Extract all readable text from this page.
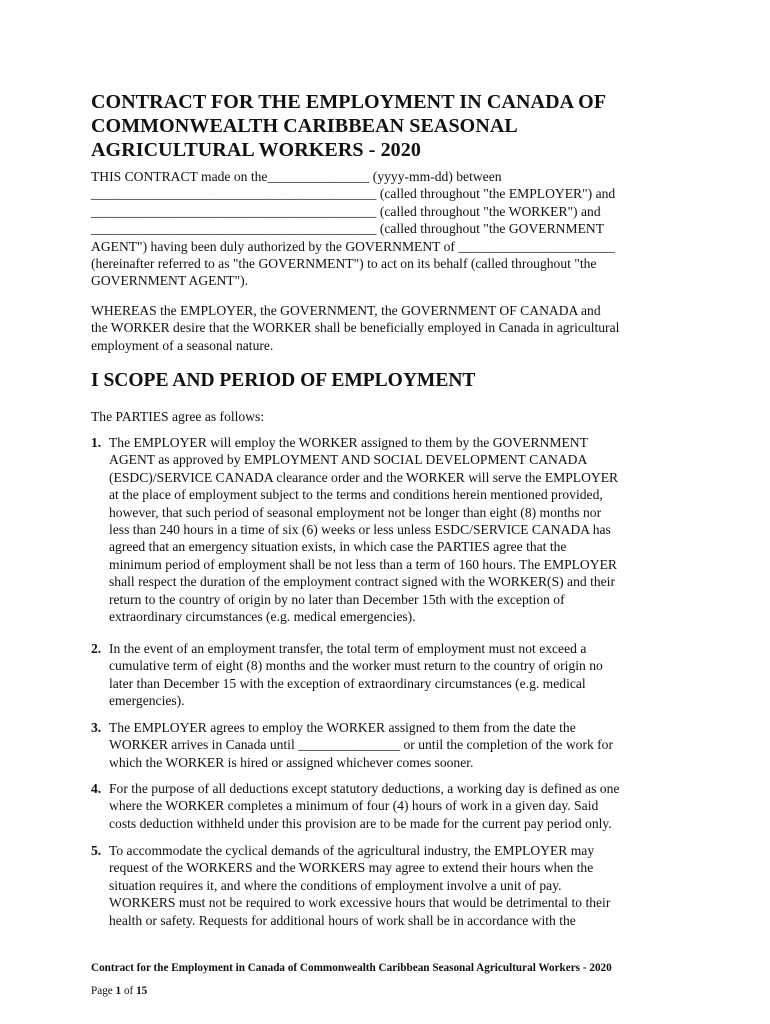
CONTRACT FOR THE EMPLOYMENT IN CANADA OF
COMMONWEALTH CARIBBEAN SEASONAL
AGRICULTURAL WORKERS - 2020
THIS CONTRACT made on the_______________ (yyyy-mm-dd) between
__________________________________________ (called throughout "the EMPLOYER") and
__________________________________________ (called throughout "the WORKER") and
__________________________________________ (called throughout "the GOVERNMENT
AGENT") having been duly authorized by the GOVERNMENT of _______________________
(hereinafter referred to as "the GOVERNMENT") to act on its behalf (called throughout "the
GOVERNMENT AGENT").
WHEREAS the EMPLOYER, the GOVERNMENT, the GOVERNMENT OF CANADA and
the WORKER desire that the WORKER shall be beneficially employed in Canada in agricultural
employment of a seasonal nature.
I SCOPE AND PERIOD OF EMPLOYMENT
The PARTIES agree as follows:
1. The EMPLOYER will employ the WORKER assigned to them by the GOVERNMENT
AGENT as approved by EMPLOYMENT AND SOCIAL DEVELOPMENT CANADA
(ESDC)/SERVICE CANADA clearance order and the WORKER will serve the EMPLOYER
at the place of employment subject to the terms and conditions herein mentioned provided,
however, that such period of seasonal employment not be longer than eight (8) months nor
less than 240 hours in a time of six (6) weeks or less unless ESDC/SERVICE CANADA has
agreed that an emergency situation exists, in which case the PARTIES agree that the
minimum period of employment shall be not less than a term of 160 hours. The EMPLOYER
shall respect the duration of the employment contract signed with the WORKER(S) and their
return to the country of origin by no later than December 15th with the exception of
extraordinary circumstances (e.g. medical emergencies).
2. In the event of an employment transfer, the total term of employment must not exceed a
cumulative term of eight (8) months and the worker must return to the country of origin no
later than December 15 with the exception of extraordinary circumstances (e.g. medical
emergencies).
3. The EMPLOYER agrees to employ the WORKER assigned to them from the date the
WORKER arrives in Canada until _______________ or until the completion of the work for
which the WORKER is hired or assigned whichever comes sooner.
4. For the purpose of all deductions except statutory deductions, a working day is defined as one
where the WORKER completes a minimum of four (4) hours of work in a given day. Said
costs deduction withheld under this provision are to be made for the current pay period only.
5. To accommodate the cyclical demands of the agricultural industry, the EMPLOYER may
request of the WORKERS and the WORKERS may agree to extend their hours when the
situation requires it, and where the conditions of employment involve a unit of pay.
WORKERS must not be required to work excessive hours that would be detrimental to their
health or safety. Requests for additional hours of work shall be in accordance with the
Contract for the Employment in Canada of Commonwealth Caribbean Seasonal Agricultural Workers - 2020
Page 1 of 15
